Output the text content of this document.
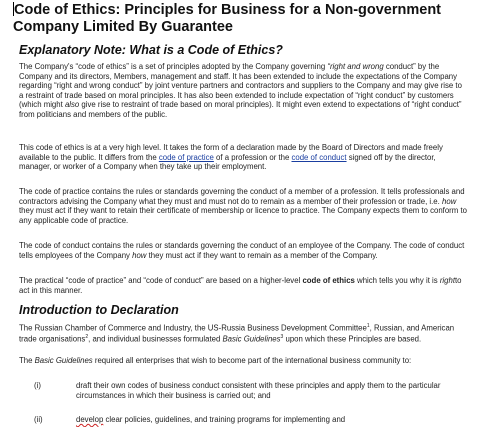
Code of Ethics: Principles for Business for a Non-government Company Limited By Guarantee
Explanatory Note: What is a Code of Ethics?
The Company's “code of ethics” is a set of principles adopted by the Company governing “right and wrong conduct” by the Company and its directors, Members, management and staff. It has been extended to include the expectations of the Company regarding “right and wrong conduct” by joint venture partners and contractors and suppliers to the Company and may give rise to a restraint of trade based on moral principles. It has also been extended to include expectation of “right conduct” by customers (which might also give rise to restraint of trade based on moral principles). It might even extend to expectations of “right conduct” from politicians and members of the public.
This code of ethics is at a very high level. It takes the form of a declaration made by the Board of Directors and made freely available to the public. It differs from the code of practice of a profession or the code of conduct signed off by the director, manager, or worker of a Company when they take up their employment.
The code of practice contains the rules or standards governing the conduct of a member of a profession. It tells professionals and contractors advising the Company what they must and must not do to remain as a member of their profession or trade, i.e. how they must act if they want to retain their certificate of membership or licence to practice. The Company expects them to conform to any applicable code of practice.
The code of conduct contains the rules or standards governing the conduct of an employee of the Company. The code of conduct tells employees of the Company how they must act if they want to remain as a member of the Company.
The practical “code of practice” and “code of conduct” are based on a higher-level code of ethics which tells you why it is rightto act in this manner.
Introduction to Declaration
The Russian Chamber of Commerce and Industry, the US-Russia Business Development Committee$^1$, Russian, and American trade organisations$^2$, and individual businesses formulated Basic Guidelines$^3$ upon which these Principles are based.
The Basic Guidelines required all enterprises that wish to become part of the international business community to:
(i)	draft their own codes of business conduct consistent with these principles and apply them to the particular circumstances in which their business is carried out; and
(ii)	develop clear policies, guidelines, and training programs for implementing and
